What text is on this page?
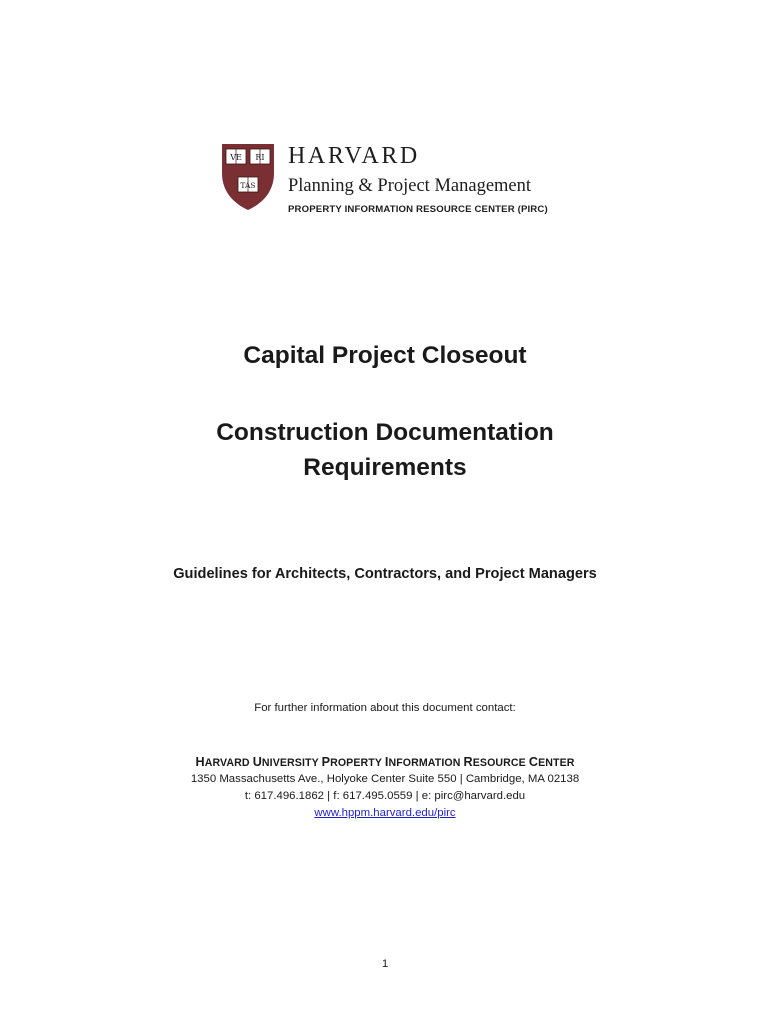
VE RI
TAS
HARVARD
Planning & Project Management
PROPERTY INFORMATION RESOURCE CENTER (PIRC)
Capital Project Closeout
Construction Documentation
Requirements
Guidelines for Architects, Contractors, and Project Managers
For further information about this document contact:
HARVARD UNIVERSITY PROPERTY INFORMATION RESOURCE CENTER
1350 Massachusetts Ave., Holyoke Center Suite 550 | Cambridge, MA 02138
t: 617.496.1862 | f: 617.495.0559 | e: pirc@harvard.edu
www.hppm.harvard.edu/pirc
1
